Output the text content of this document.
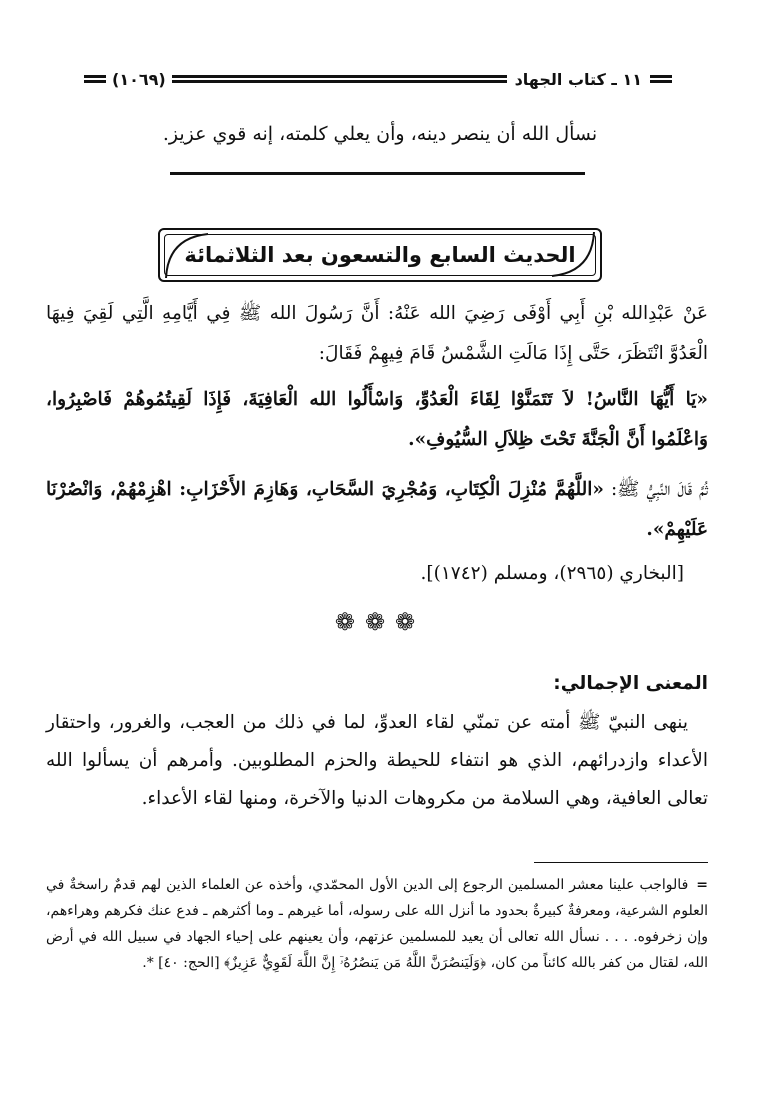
١١ ـ كتاب الجهاد
(١٠٦٩)
نسأل الله أن ينصر دينه، وأن يعلي كلمته، إنه قوي عزيز.
الحديث السابع والتسعون بعد الثلاثمائة
عَنْ عَبْدِالله بْنِ أَبِي أَوْفَى رَضِيَ الله عَنْهُ: أَنَّ رَسُولَ الله ﷺ فِي أَيَّامِهِ الَّتِي لَقِيَ فِيهَا الْعَدُوَّ انْتَظَرَ، حَتَّى إِذَا مَالَتِ الشَّمْسُ قَامَ فِيهِمْ فَقَالَ:
«يَا أَيُّهَا النَّاسُ! لاَ تَتَمَنَّوْا لِقَاءَ الْعَدُوِّ، وَاسْأَلُوا الله الْعَافِيَةَ، فَإِذَا لَقِيتُمُوهُمْ فَاصْبِرُوا، وَاعْلَمُوا أَنَّ الْجَنَّةَ تَحْتَ ظِلاَلِ السُّيُوفِ».
ثُمَّ قَالَ النَّبِيُّ ﷺ: «اللَّهُمَّ مُنْزِلَ الْكِتَابِ، وَمُجْرِيَ السَّحَابِ، وَهَازِمَ الأَحْزَابِ: اهْزِمْهُمْ، وَانْصُرْنَا عَلَيْهِمْ».
[البخاري (٢٩٦٥)، ومسلم (١٧٤٢)].
❁❁❁
المعنى الإجمالي:
ينهى النبيّ ﷺ أمته عن تمنّي لقاء العدوِّ، لما في ذلك من العجب، والغرور، واحتقار الأعداء وازدرائهم، الذي هو انتفاء للحيطة والحزم المطلوبين. وأمرهم أن يسألوا الله تعالى العافية، وهي السلامة من مكروهات الدنيا والآخرة، ومنها لقاء الأعداء.
=فالواجب علينا معشر المسلمين الرجوع إلى الدين الأول المحمّدي، وأخذه عن العلماء الذين لهم قدمٌ راسخةٌ في العلوم الشرعية، ومعرفةٌ كبيرةٌ بحدود ما أنزل الله على رسوله، أما غيرهم ـ وما أكثرهم ـ فدع عنك فكرهم وهراءهم، وإن زخرفوه. . . . نسأل الله تعالى أن يعيد للمسلمين عزتهم، وأن يعينهم على إحياء الجهاد في سبيل الله في أرض الله، لقتال من كفر بالله كائناً من كان، ﴿وَلَيَنصُرَنَّ اللَّهُ مَن يَنصُرُهُۥٓ إِنَّ اللَّهَ لَقَوِيٌّ عَزِيزٌ﴾ [الحج: ٤٠] *.
